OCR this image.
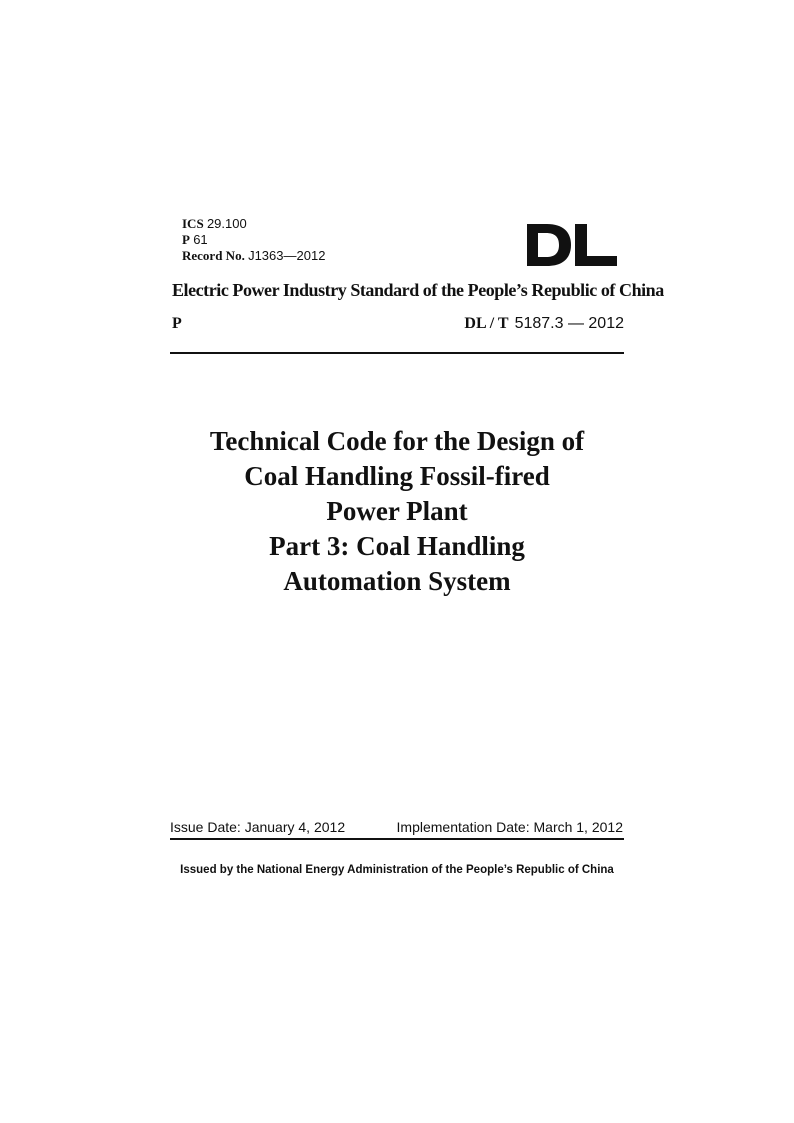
ICS 29.100
P 61
Record No. J1363—2012
Electric Power Industry Standard of the People’s Republic of China
P	DL / T 5187.3 — 2012
Technical Code for the Design of
Coal Handling Fossil-fired
Power Plant
Part 3: Coal Handling
Automation System
Issue Date: January 4, 2012	Implementation Date: March 1, 2012
Issued by the National Energy Administration of the People’s Republic of China
